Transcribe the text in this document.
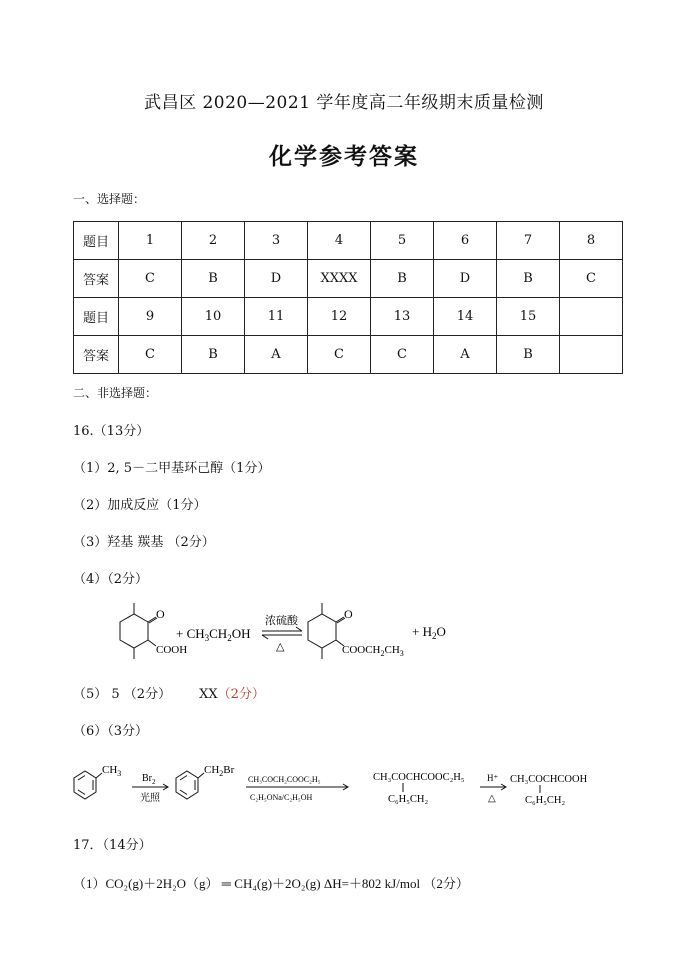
武昌区 2020—2021 学年度高二年级期末质量检测
化学参考答案
一、选择题：
题目	1	2	3	4	5	6	7	8
答案	C	B	D	XXXX	B	D	B	C
题目	9	10	11	12	13	14	15	
答案	C	B	A	C	C	A	B	
二、非选择题：
16.（13分）
（1）2, 5－二甲基环己醇（1分）
（2）加成反应（1分）
（3）羟基 羰基 （2分）
（4）（2分）
O
COOH
+ $CH_3CH_2OH$
浓硫酸
△
O
$COOCH_2CH_3$
+ $H_2O$
（5） 5 （2分） XX（2分）
（6）（3分）
$CH_3$ $Br_2$
光照
$CH_2Br$
CH₃COCH₂COOC₂H₅
C₂H₅ONa/C₂H₅OH
CH₃COCHCOOC₂H₅
C₆H₅CH₂
H⁺
△
CH₃COCHCOOH
C₆H₅CH₂
17．（14分）
（1）CO₂(g)＋2H₂O（g） ═ CH₄(g)＋2O₂(g) ΔH=＋802 kJ/mol （2分）
